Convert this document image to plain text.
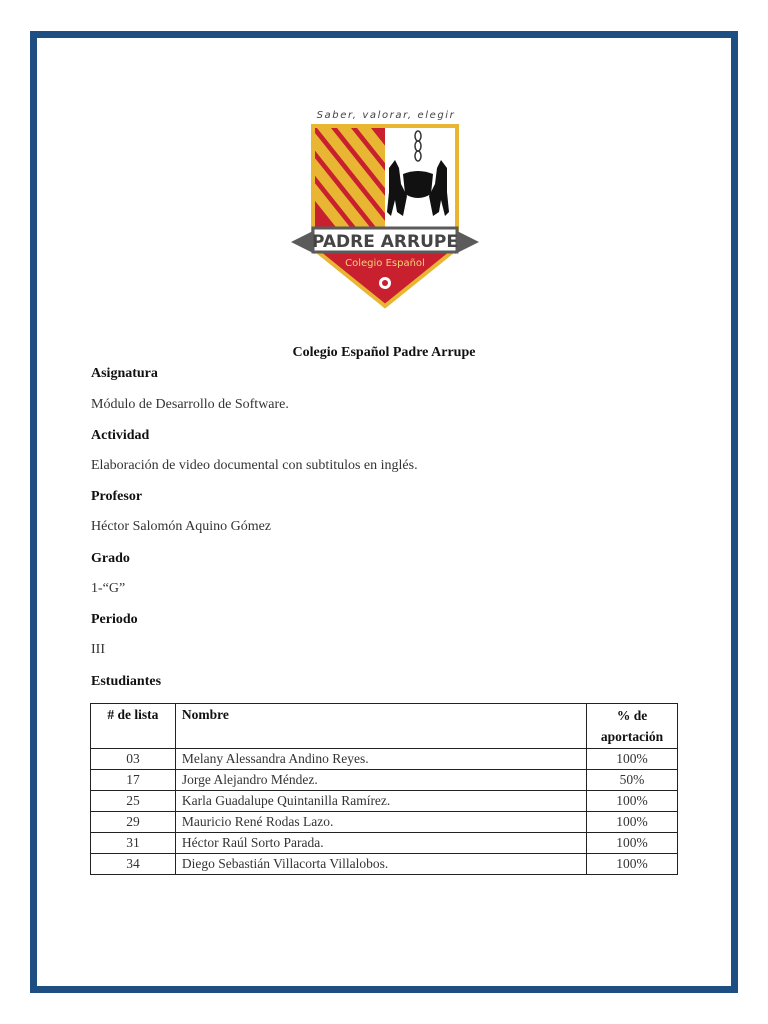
Saber, valorar, elegir
PADRE ARRUPE
Colegio Español
Colegio Español Padre Arrupe
Asignatura
Módulo de Desarrollo de Software.
Actividad
Elaboración de video documental con subtitulos en inglés.
Profesor
Héctor Salomón Aquino Gómez
Grado
1-“G”
Periodo
III
Estudiantes
# de lista	Nombre	% de aportación
03	Melany Alessandra Andino Reyes.	100%
17	Jorge Alejandro Méndez.	50%
25	Karla Guadalupe Quintanilla Ramírez.	100%
29	Mauricio René Rodas Lazo.	100%
31	Héctor Raúl Sorto Parada.	100%
34	Diego Sebastián Villacorta Villalobos.	100%
